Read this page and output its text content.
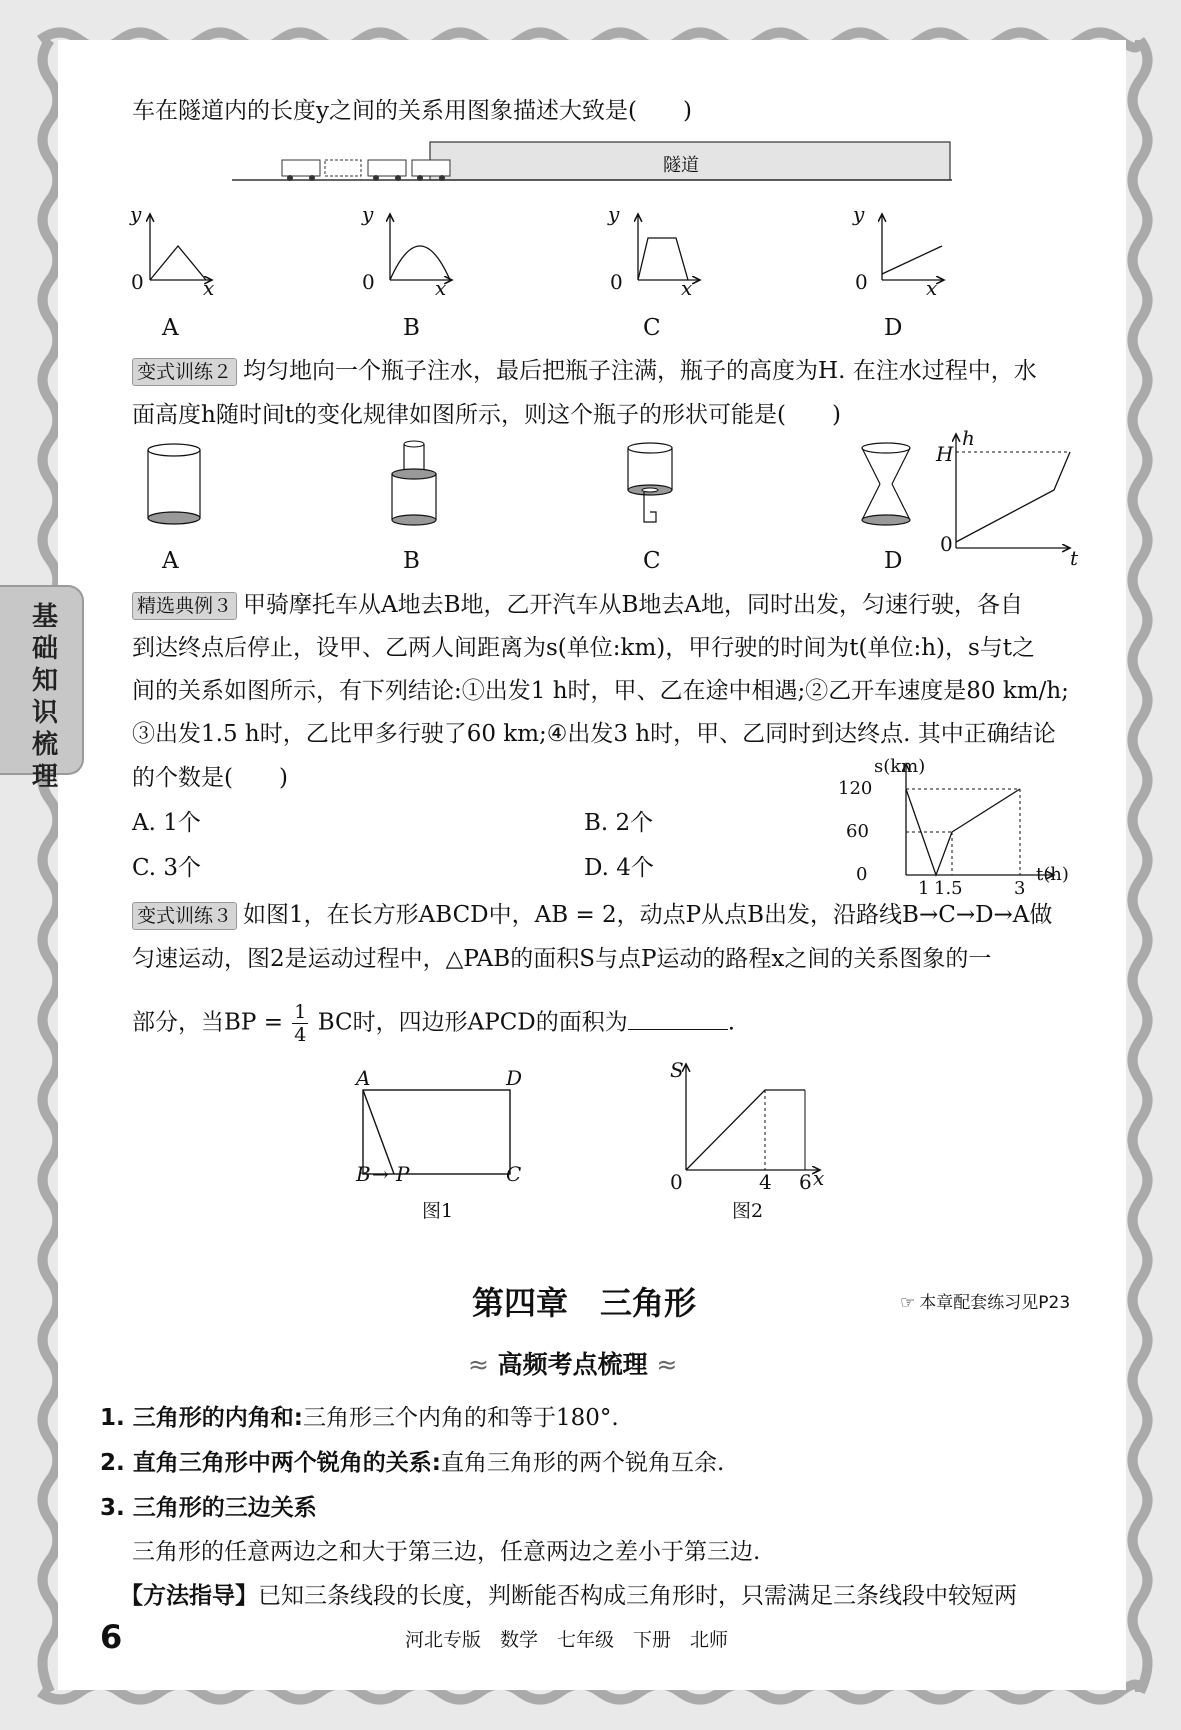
基础知识梳理
车在隧道内的长度y之间的关系用图象描述大致是(　　)
隧道
y
x
0
y
x
0
y
x
0
y
x
0
A	B	C	D
变式训练２ 均匀地向一个瓶子注水，最后把瓶子注满，瓶子的高度为H. 在注水过程中，水
面高度h随时间t的变化规律如图所示，则这个瓶子的形状可能是(　　)
h
H
t
0
A	B	C	D
精选典例３ 甲骑摩托车从A地去B地，乙开汽车从B地去A地，同时出发，匀速行驶，各自
到达终点后停止，设甲、乙两人间距离为s(单位:km)，甲行驶的时间为t(单位:h)，s与t之
间的关系如图所示，有下列结论:①出发1 h时，甲、乙在途中相遇;②乙开车速度是80 km/h;
③出发1.5 h时，乙比甲多行驶了60 km;④出发3 h时，甲、乙同时到达终点. 其中正确结论
的个数是(　　)
A. 1个	B. 2个
C. 3个	D. 4个
s(km)
120
60
0
1 1.5	3
t(h)
变式训练３ 如图1，在长方形ABCD中，AB = 2，动点P从点B出发，沿路线B→C→D→A做
匀速运动，图2是运动过程中，△PAB的面积S与点P运动的路程x之间的关系图象的一
部分，当BP = $\frac{1}{4}$ BC时，四边形APCD的面积为	.
A	D
B → P	C
图1
S
0	4 6 x
图2
第四章　三角形	☞ 本章配套练习见P23
≈ 高频考点梳理 ≈
1. 三角形的内角和:三角形三个内角的和等于180°.
2. 直角三角形中两个锐角的关系:直角三角形的两个锐角互余.
3. 三角形的三边关系
三角形的任意两边之和大于第三边，任意两边之差小于第三边.
【方法指导】已知三条线段的长度，判断能否构成三角形时，只需满足三条线段中较短两
6	河北专版　数学　七年级　下册　北师
